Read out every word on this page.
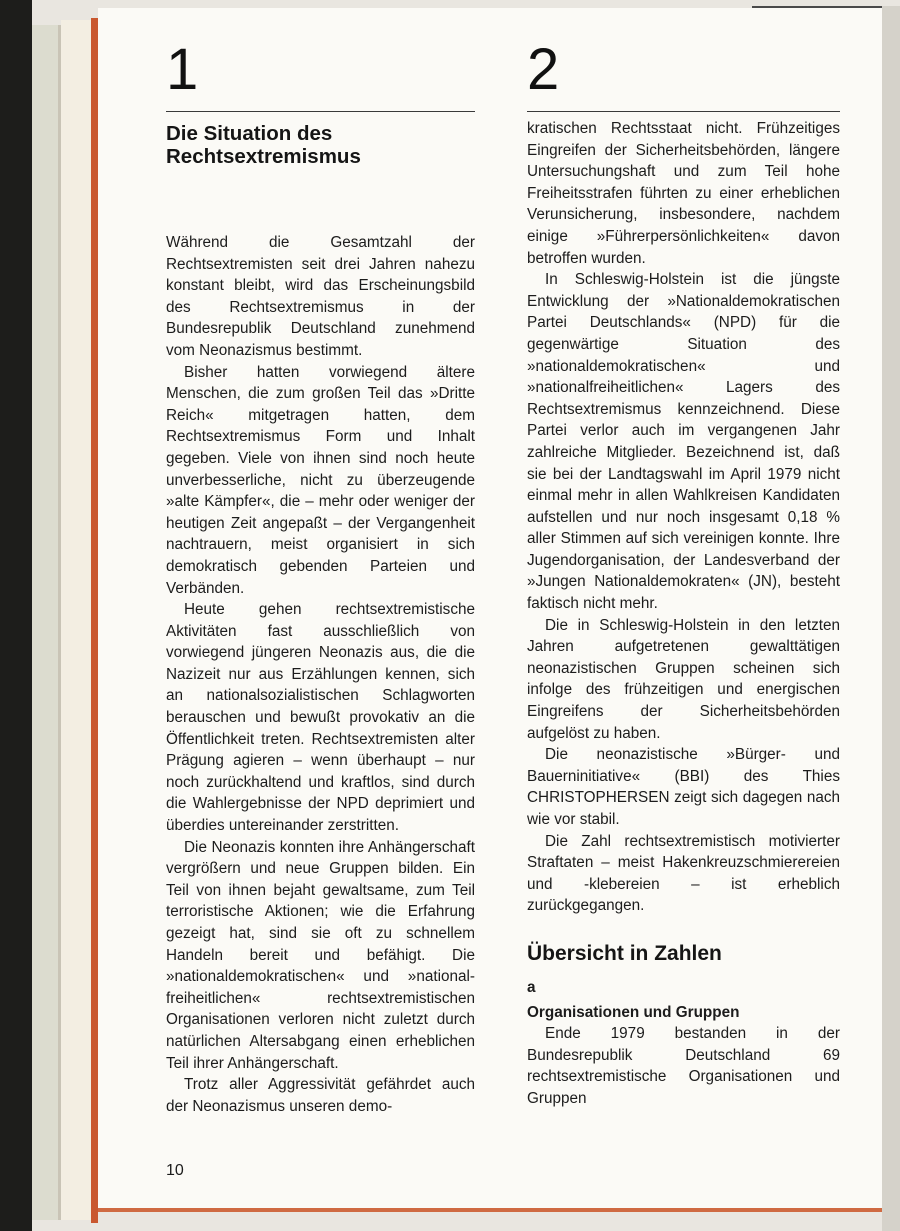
1	2
Die Situation des
Rechtsextremismus

Während die Gesamtzahl der Rechtsextremisten seit drei Jahren nahezu konstant bleibt, wird das Erscheinungsbild des Rechtsextremismus in der Bundesrepublik Deutschland zunehmend vom Neonazismus bestimmt.

Bisher hatten vorwiegend ältere Menschen, die zum großen Teil das »Dritte Reich« mitgetragen hatten, dem Rechtsextremismus Form und Inhalt gegeben. Viele von ihnen sind noch heute unverbesserliche, nicht zu überzeugende »alte Kämpfer«, die – mehr oder weniger der heutigen Zeit angepaßt – der Vergangenheit nachtrauern, meist organisiert in sich demokratisch gebenden Parteien und Verbänden.

Heute gehen rechtsextremistische Aktivitäten fast ausschließlich von vorwiegend jüngeren Neonazis aus, die die Nazizeit nur aus Erzählungen kennen, sich an nationalsozialistischen Schlagworten berauschen und bewußt provokativ an die Öffentlichkeit treten. Rechtsextremisten alter Prägung agieren – wenn überhaupt – nur noch zurückhaltend und kraftlos, sind durch die Wahlergebnisse der NPD deprimiert und überdies untereinander zerstritten.

Die Neonazis konnten ihre Anhängerschaft vergrößern und neue Gruppen bilden. Ein Teil von ihnen bejaht gewaltsame, zum Teil terroristische Aktionen; wie die Erfahrung gezeigt hat, sind sie oft zu schnellem Handeln bereit und befähigt. Die »nationaldemokratischen« und »national-freiheitlichen« rechtsextremistischen Organisationen verloren nicht zuletzt durch natürlichen Altersabgang einen erheblichen Teil ihrer Anhängerschaft.

Trotz aller Aggressivität gefährdet auch der Neonazismus unseren demo-

kratischen Rechtsstaat nicht. Frühzeitiges Eingreifen der Sicherheitsbehörden, längere Untersuchungshaft und zum Teil hohe Freiheitsstrafen führten zu einer erheblichen Verunsicherung, insbesondere, nachdem einige »Führerpersönlichkeiten« davon betroffen wurden.

In Schleswig-Holstein ist die jüngste Entwicklung der »Nationaldemokratischen Partei Deutschlands« (NPD) für die gegenwärtige Situation des »nationaldemokratischen« und »nationalfreiheitlichen« Lagers des Rechtsextremismus kennzeichnend. Diese Partei verlor auch im vergangenen Jahr zahlreiche Mitglieder. Bezeichnend ist, daß sie bei der Landtagswahl im April 1979 nicht einmal mehr in allen Wahlkreisen Kandidaten aufstellen und nur noch insgesamt 0,18 % aller Stimmen auf sich vereinigen konnte. Ihre Jugendorganisation, der Landesverband der »Jungen Nationaldemokraten« (JN), besteht faktisch nicht mehr.

Die in Schleswig-Holstein in den letzten Jahren aufgetretenen gewalttätigen neonazistischen Gruppen scheinen sich infolge des frühzeitigen und energischen Eingreifens der Sicherheitsbehörden aufgelöst zu haben.

Die neonazistische »Bürger- und Bauerninitiative« (BBI) des Thies CHRISTOPHERSEN zeigt sich dagegen nach wie vor stabil.

Die Zahl rechtsextremistisch motivierter Straftaten – meist Hakenkreuzschmierereien und -klebereien – ist erheblich zurückgegangen.

Übersicht in Zahlen
a
Organisationen und Gruppen

Ende 1979 bestanden in der Bundesrepublik Deutschland 69 rechtsextremistische Organisationen und Gruppen

10
